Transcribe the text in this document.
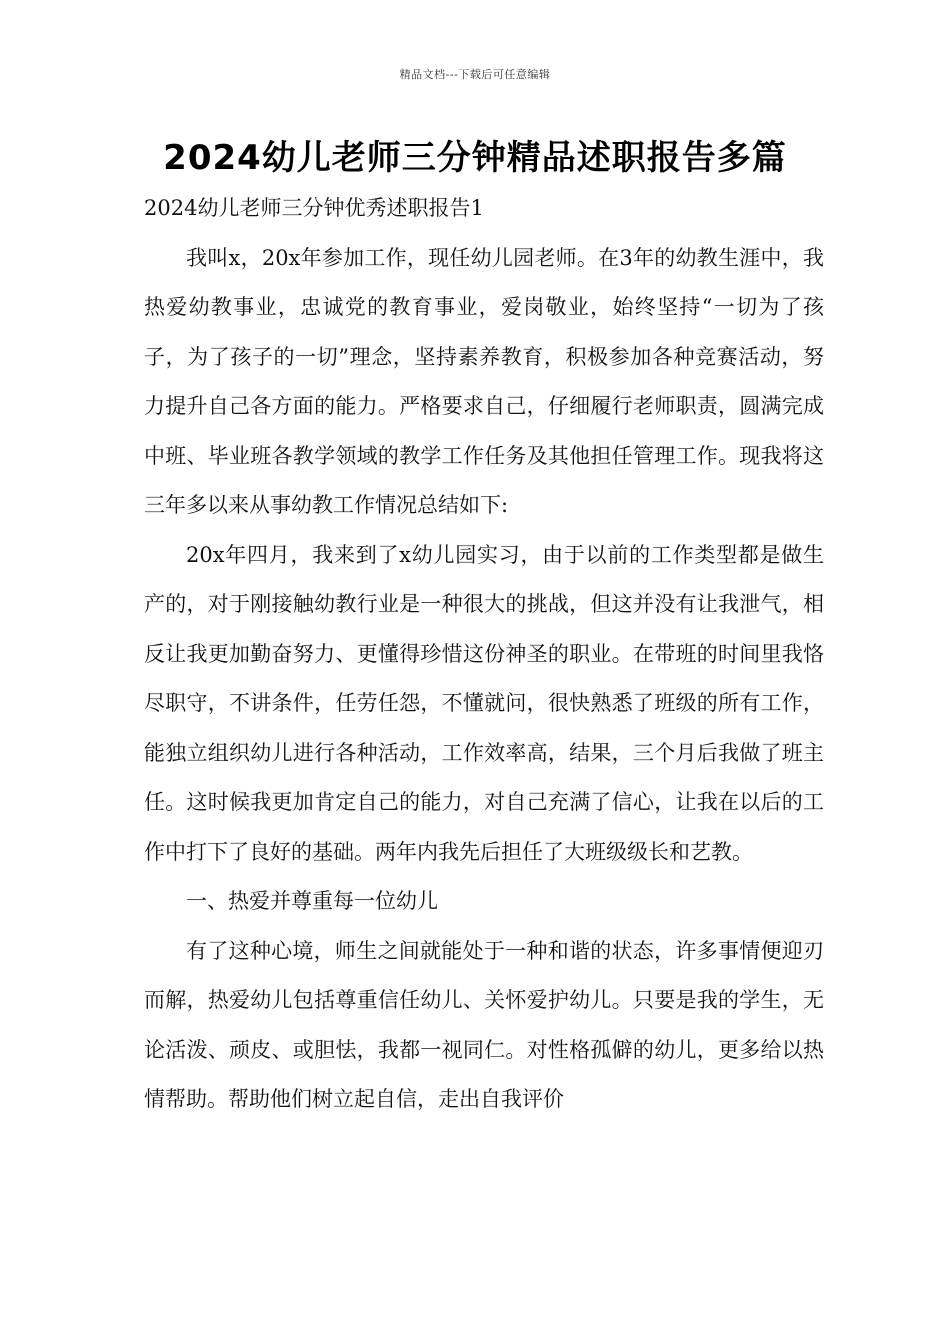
精品文档---下载后可任意编辑
2024幼儿老师三分钟精品述职报告多篇

2024幼儿老师三分钟优秀述职报告1

我叫x，20x年参加工作，现任幼儿园老师。在3年的幼教生涯中，我热爱幼教事业，忠诚党的教育事业，爱岗敬业，始终坚持“一切为了孩子，为了孩子的一切”理念，坚持素养教育，积极参加各种竞赛活动，努力提升自己各方面的能力。严格要求自己，仔细履行老师职责，圆满完成中班、毕业班各教学领域的教学工作任务及其他担任管理工作。现我将这三年多以来从事幼教工作情况总结如下:

20x年四月，我来到了x幼儿园实习，由于以前的工作类型都是做生产的，对于刚接触幼教行业是一种很大的挑战，但这并没有让我泄气，相反让我更加勤奋努力、更懂得珍惜这份神圣的职业。在带班的时间里我恪尽职守，不讲条件，任劳任怨，不懂就问，很快熟悉了班级的所有工作，能独立组织幼儿进行各种活动，工作效率高，结果，三个月后我做了班主任。这时候我更加肯定自己的能力，对自己充满了信心，让我在以后的工作中打下了良好的基础。两年内我先后担任了大班级级长和艺教。

一、热爱并尊重每一位幼儿

有了这种心境，师生之间就能处于一种和谐的状态，许多事情便迎刃而解，热爱幼儿包括尊重信任幼儿、关怀爱护幼儿。只要是我的学生，无论活泼、顽皮、或胆怯，我都一视同仁。对性格孤僻的幼儿，更多给以热情帮助。帮助他们树立起自信，走出自我评价
